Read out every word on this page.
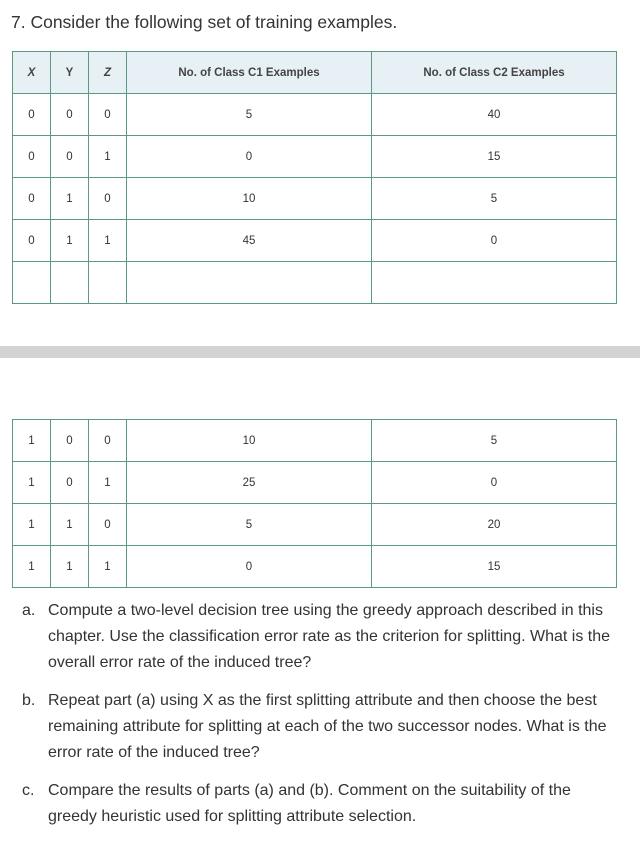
7. Consider the following set of training examples.
X	Y	Z	No. of Class C1 Examples	No. of Class C2 Examples
0	0	0	5	40
0	0	1	0	15
0	1	0	10	5
0	1	1	45	0

1	0	0	10	5
1	0	1	25	0
1	1	0	5	20
1	1	1	0	15
a. Compute a two-level decision tree using the greedy approach described in this chapter. Use the classification error rate as the criterion for splitting. What is the overall error rate of the induced tree?
b. Repeat part (a) using X as the first splitting attribute and then choose the best remaining attribute for splitting at each of the two successor nodes. What is the error rate of the induced tree?
c. Compare the results of parts (a) and (b). Comment on the suitability of the greedy heuristic used for splitting attribute selection.
